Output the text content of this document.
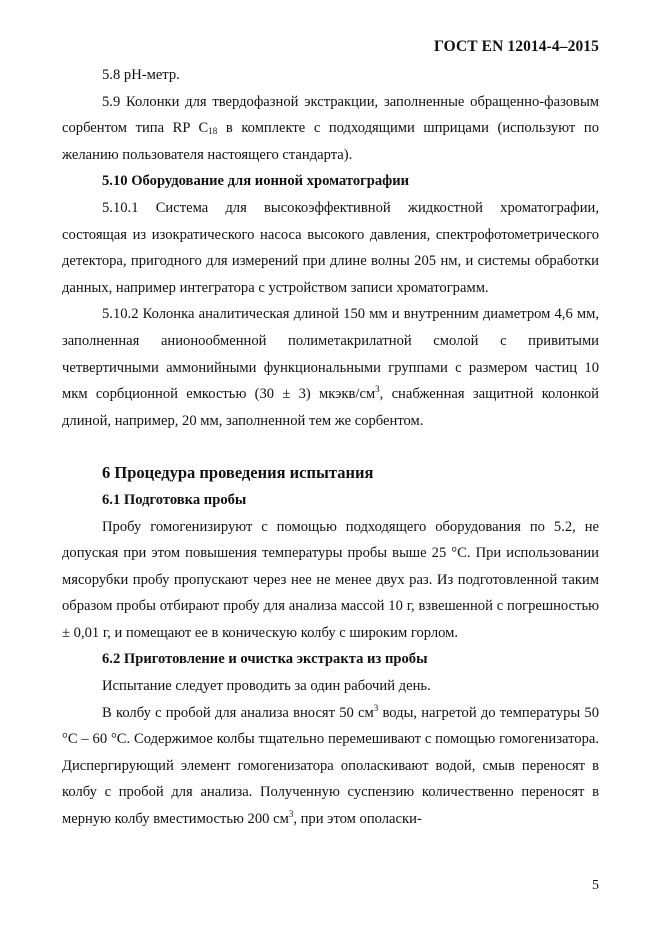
ГОСТ EN 12014-4–2015

5.8 pH-метр.

5.9 Колонки для твердофазной экстракции, заполненные обращенно-фазовым сорбентом типа RP $C_{18}$ в комплекте с подходящими шприцами (используют по желанию пользователя настоящего стандарта).

5.10 Оборудование для ионной хроматографии

5.10.1 Система для высокоэффективной жидкостной хроматографии, состоящая из изократического насоса высокого давления, спектрофотометрического детектора, пригодного для измерений при длине волны 205 нм, и системы обработки данных, например интегратора с устройством записи хроматограмм.

5.10.2 Колонка аналитическая длиной 150 мм и внутренним диаметром 4,6 мм, заполненная анионообменной полиметакрилатной смолой с привитыми четвертичными аммонийными функциональными группами с размером частиц 10 мкм сорбционной емкостью (30 ± 3) мкэкв/$см^3$, снабженная защитной колонкой длиной, например, 20 мм, заполненной тем же сорбентом.

6 Процедура проведения испытания

6.1 Подготовка пробы

Пробу гомогенизируют с помощью подходящего оборудования по 5.2, не допуская при этом повышения температуры пробы выше 25 °С. При использовании мясорубки пробу пропускают через нее не менее двух раз. Из подготовленной таким образом пробы отбирают пробу для анализа массой 10 г, взвешенной с погрешностью ± 0,01 г, и помещают ее в коническую колбу с широким горлом.

6.2 Приготовление и очистка экстракта из пробы

Испытание следует проводить за один рабочий день.

В колбу с пробой для анализа вносят 50 $см^3$ воды, нагретой до температуры 50 °С – 60 °С. Содержимое колбы тщательно перемешивают с помощью гомогенизатора. Диспергирующий элемент гомогенизатора ополаскивают водой, смыв переносят в колбу с пробой для анализа. Полученную суспензию количественно переносят в мерную колбу вместимостью 200 $см^3$, при этом ополаски-

5
